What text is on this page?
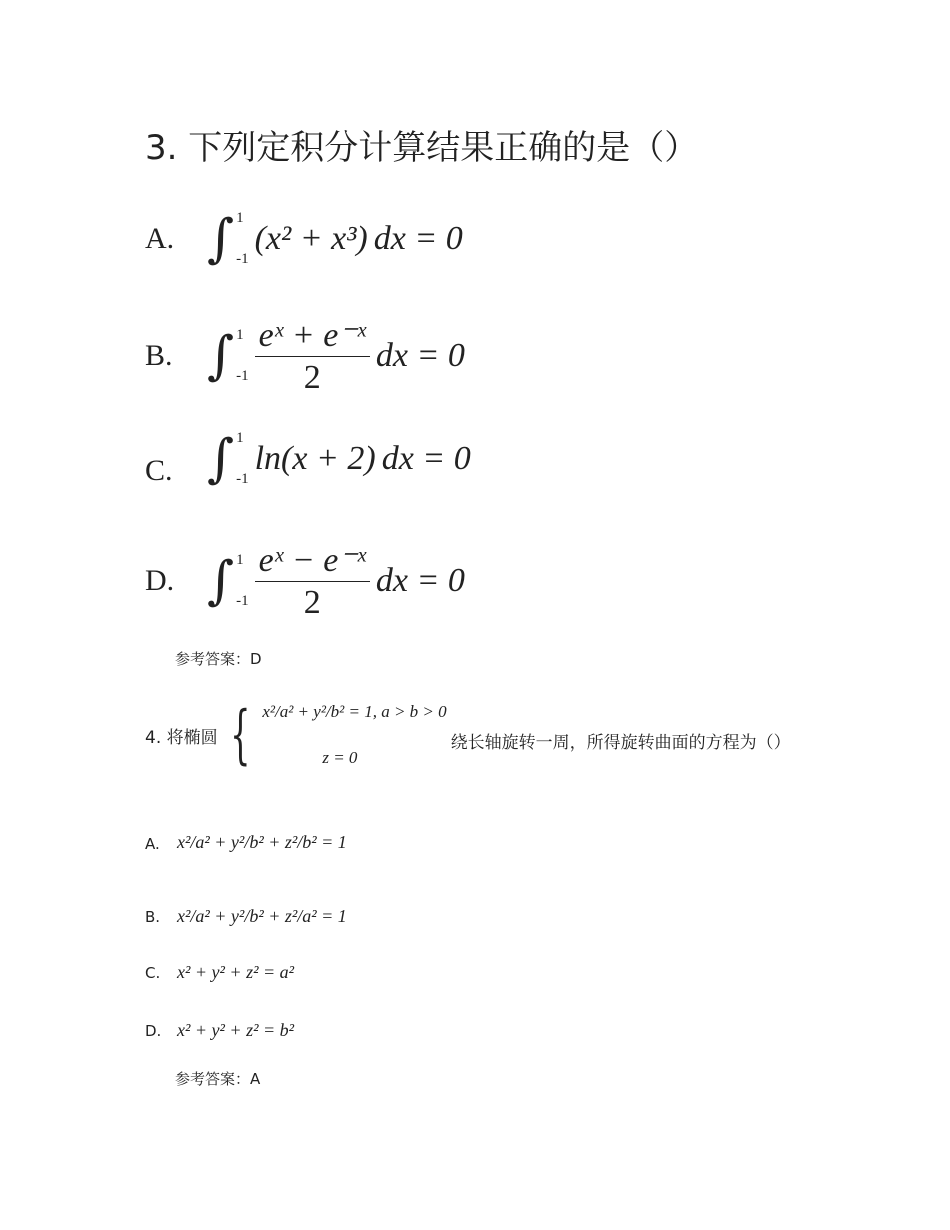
3. 下列定积分计算结果正确的是（）
A. ∫ 1
-1
(x² + x³) dx = 0
B. ∫ 1
$-1 \frac{\text{eˣ + e⁻ˣ}}{2}$ dx = 0
C. ∫ 1
-1
ln(x + 2) dx = 0
D. ∫ 1
$-1 \frac{\text{eˣ − e⁻ˣ}}{2}$ dx = 0
参考答案：D
4. 将椭圆 { x²/a² + y²/b² = 1, a > b > 0
z = 0
绕长轴旋转一周，所得旋转曲面的方程为（）
A. x²/a² + y²/b² + z²/b² = 1
B. x²/a² + y²/b² + z²/a² = 1
C. x² + y² + z² = a²
D. x² + y² + z² = b²
参考答案：A
